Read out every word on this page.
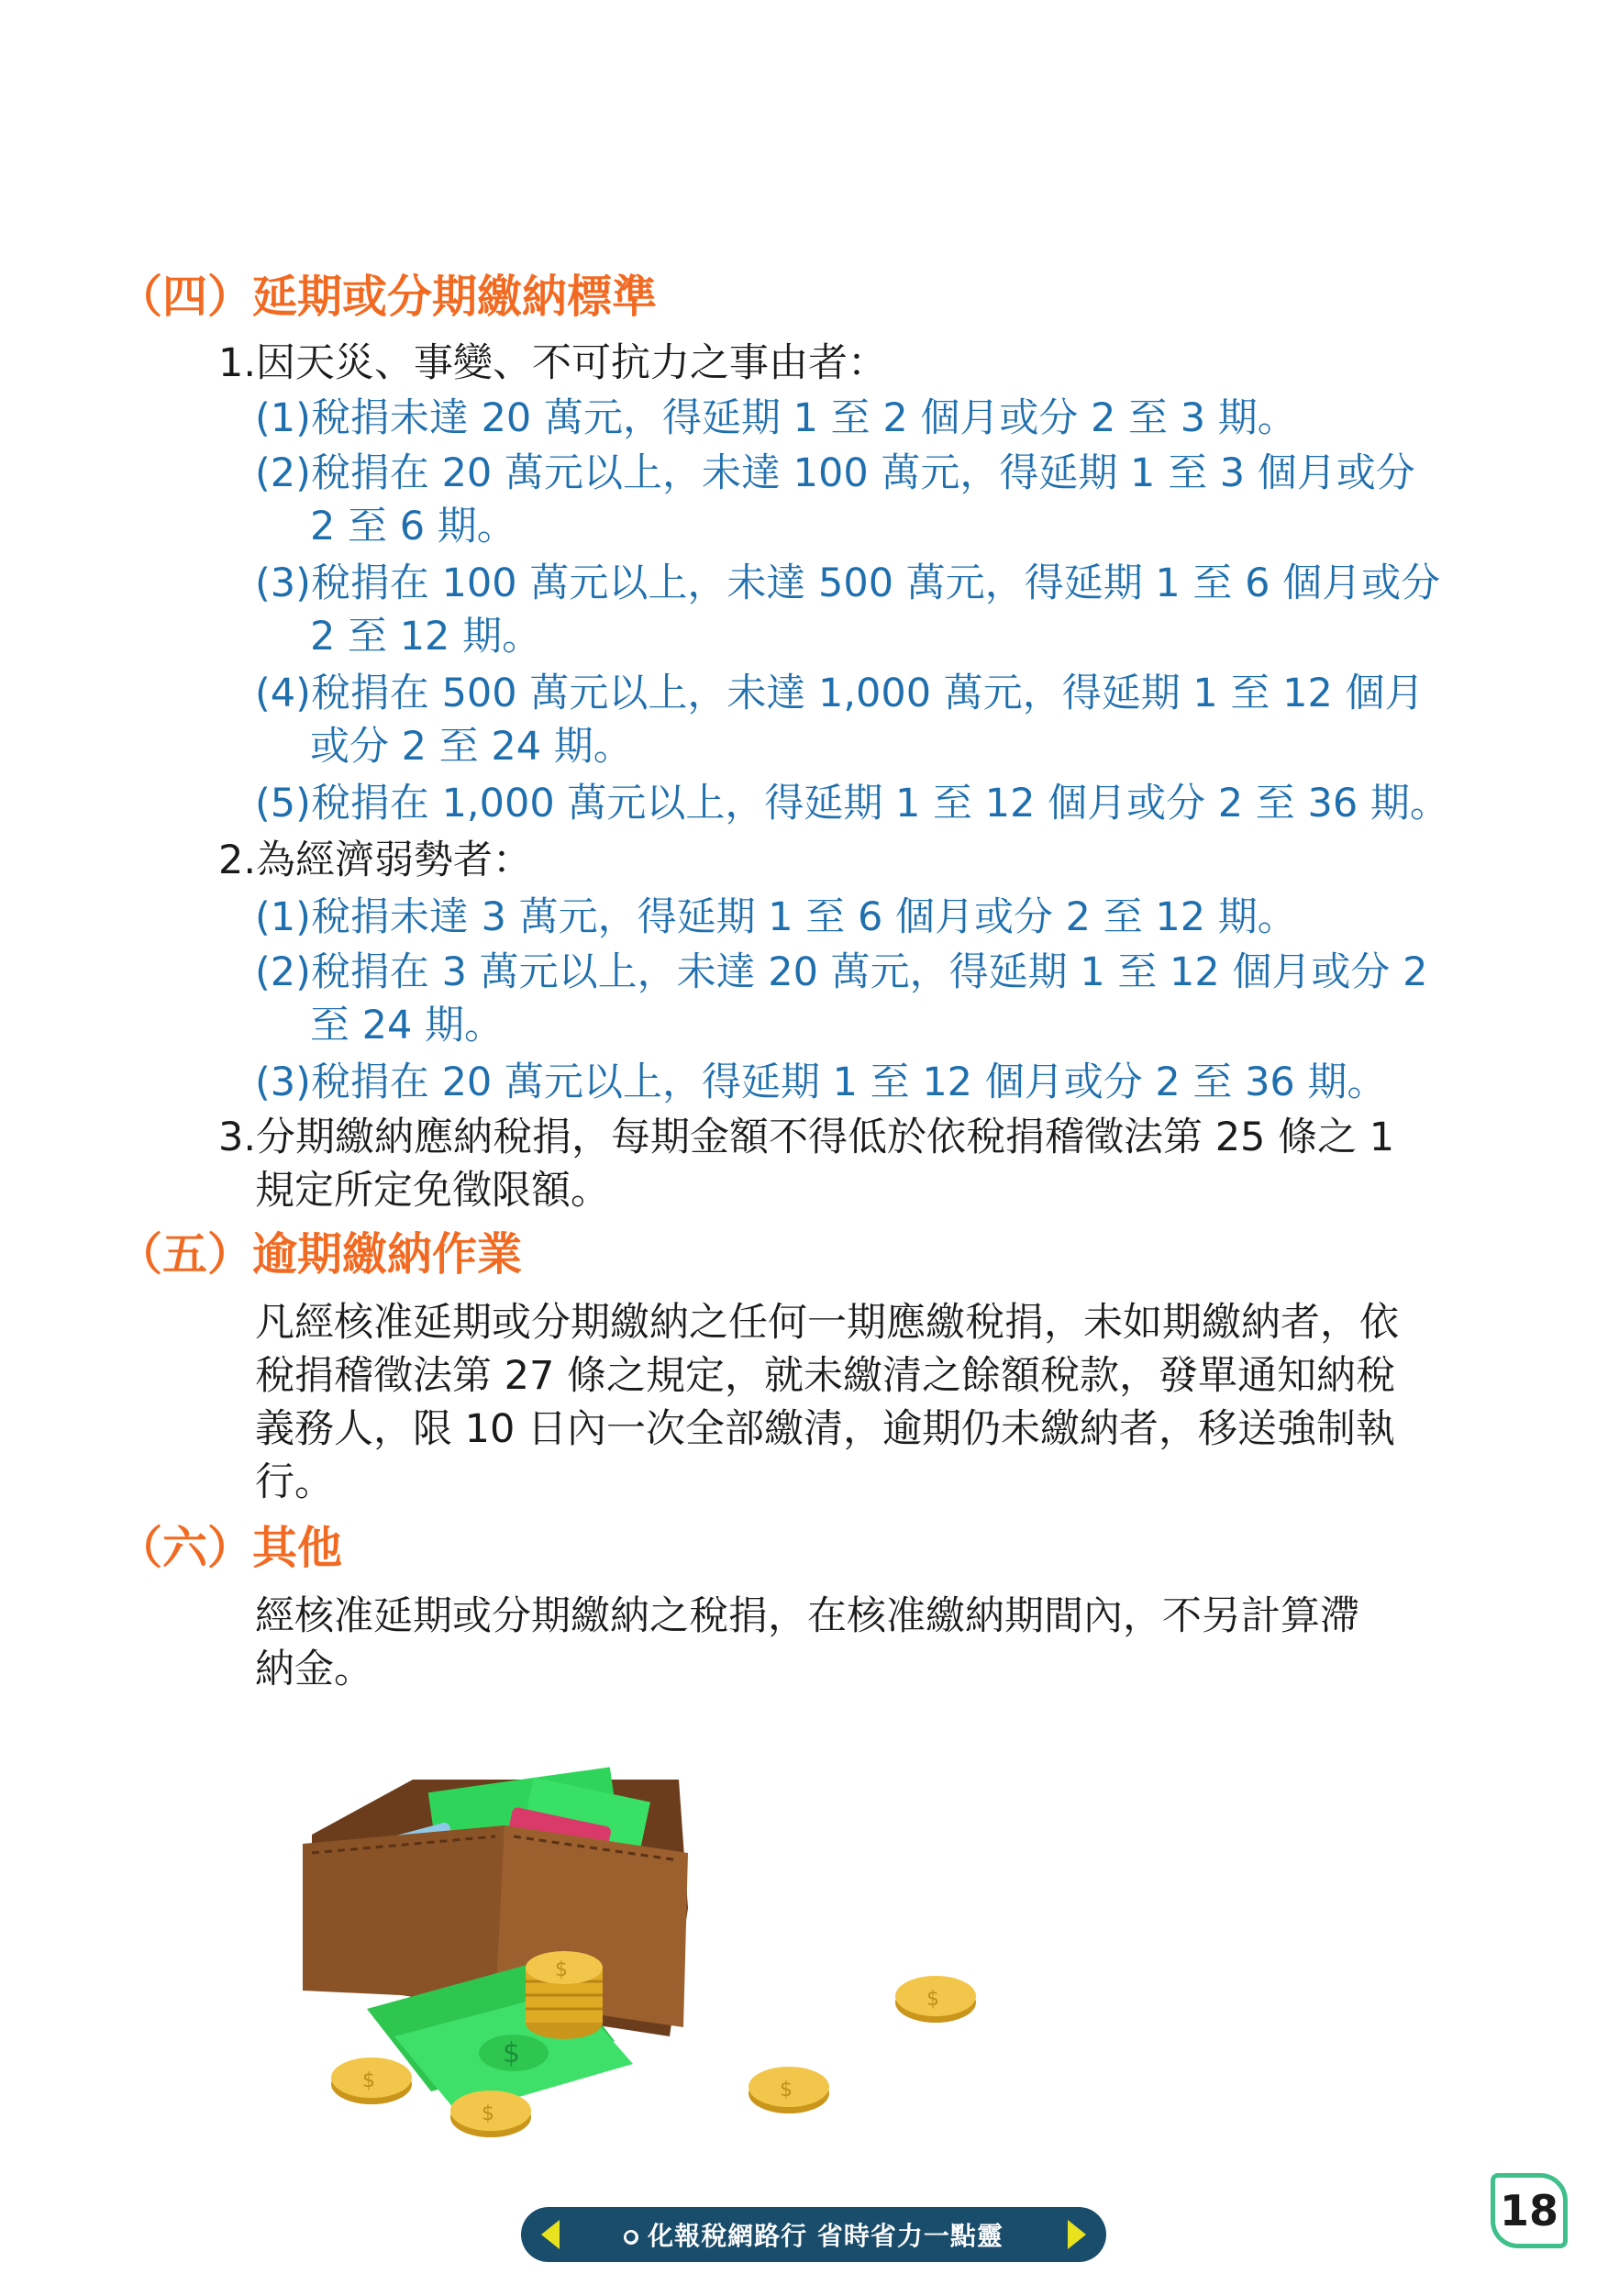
（四）延期或分期繳納標準
1.因天災、事變、不可抗力之事由者：
(1)稅捐未達 20 萬元，得延期 1 至 2 個月或分 2 至 3 期。
(2)稅捐在 20 萬元以上，未達 100 萬元，得延期 1 至 3 個月或分
2 至 6 期。
(3)稅捐在 100 萬元以上，未達 500 萬元，得延期 1 至 6 個月或分
2 至 12 期。
(4)稅捐在 500 萬元以上，未達 1,000 萬元，得延期 1 至 12 個月
或分 2 至 24 期。
(5)稅捐在 1,000 萬元以上，得延期 1 至 12 個月或分 2 至 36 期。
2.為經濟弱勢者：
(1)稅捐未達 3 萬元，得延期 1 至 6 個月或分 2 至 12 期。
(2)稅捐在 3 萬元以上，未達 20 萬元，得延期 1 至 12 個月或分 2
至 24 期。
(3)稅捐在 20 萬元以上，得延期 1 至 12 個月或分 2 至 36 期。
3.分期繳納應納稅捐，每期金額不得低於依稅捐稽徵法第 25 條之 1
規定所定免徵限額。
（五）逾期繳納作業
凡經核准延期或分期繳納之任何一期應繳稅捐，未如期繳納者，依
稅捐稽徵法第 27 條之規定，就未繳清之餘額稅款，發單通知納稅
義務人，限 10 日內一次全部繳清，逾期仍未繳納者，移送強制執
行。
（六）其他
經核准延期或分期繳納之稅捐，在核准繳納期間內，不另計算滯
納金。
$
$
$
$
$
$
● 化報稅網路行 省時省力一點靈
18
